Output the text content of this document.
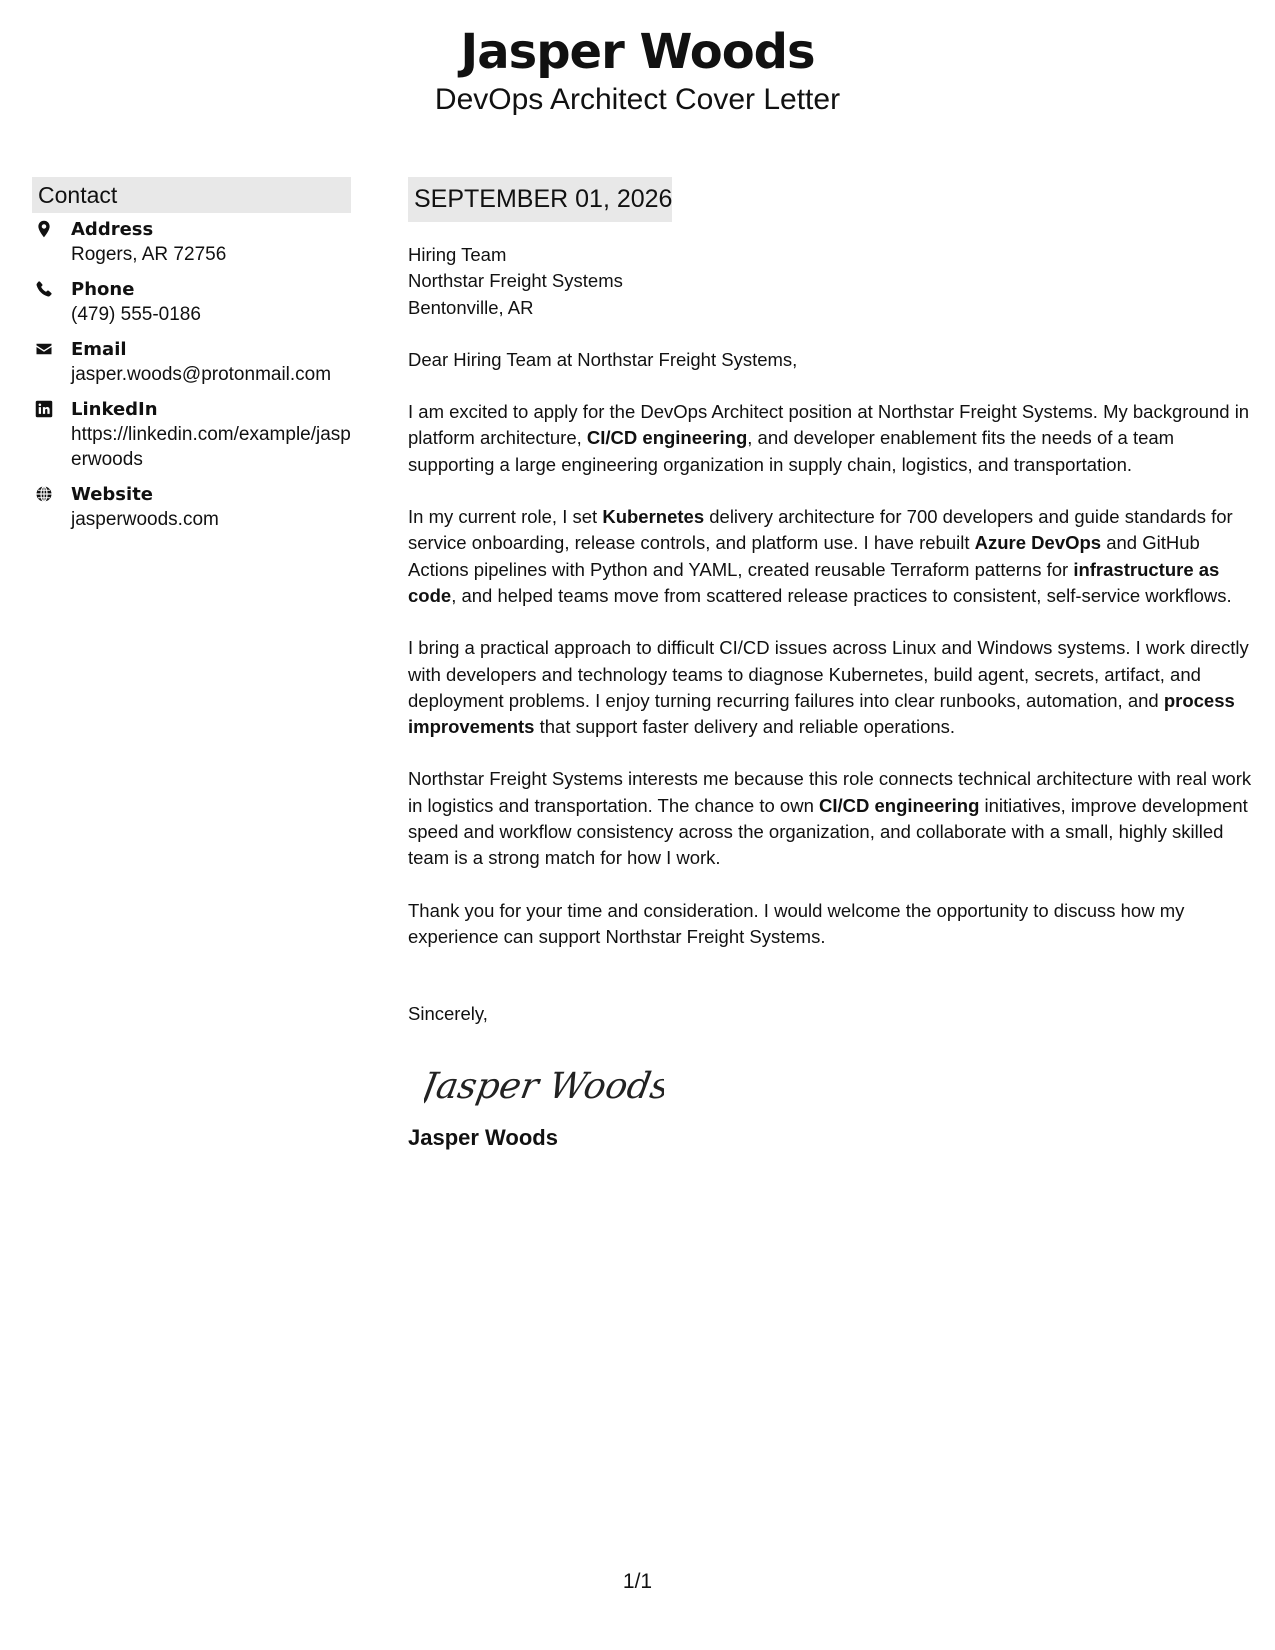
Jasper Woods

DevOps Architect Cover Letter

Contact
Address
Rogers, AR 72756
Phone
(479) 555-0186
Email
jasper.woods@protonmail.com
LinkedIn
https://linkedin.com/example/jasperwoods
Website
jasperwoods.com
SEPTEMBER 01, 2026
Hiring Team
Northstar Freight Systems
Bentonville, AR

Dear Hiring Team at Northstar Freight Systems,

I am excited to apply for the DevOps Architect position at Northstar Freight Systems. My background in platform architecture, CI/CD engineering, and developer enablement fits the needs of a team supporting a large engineering organization in supply chain, logistics, and transportation.

In my current role, I set Kubernetes delivery architecture for 700 developers and guide standards for service onboarding, release controls, and platform use. I have rebuilt Azure DevOps and GitHub Actions pipelines with Python and YAML, created reusable Terraform patterns for infrastructure as code, and helped teams move from scattered release practices to consistent, self-service workflows.

I bring a practical approach to difficult CI/CD issues across Linux and Windows systems. I work directly with developers and technology teams to diagnose Kubernetes, build agent, secrets, artifact, and deployment problems. I enjoy turning recurring failures into clear runbooks, automation, and process improvements that support faster delivery and reliable operations.

Northstar Freight Systems interests me because this role connects technical architecture with real work in logistics and transportation. The chance to own CI/CD engineering initiatives, improve development speed and workflow consistency across the organization, and collaborate with a small, highly skilled team is a strong match for how I work.

Thank you for your time and consideration. I would welcome the opportunity to discuss how my experience can support Northstar Freight Systems.

Sincerely,

Jasper Woods
Jasper Woods
1/1
